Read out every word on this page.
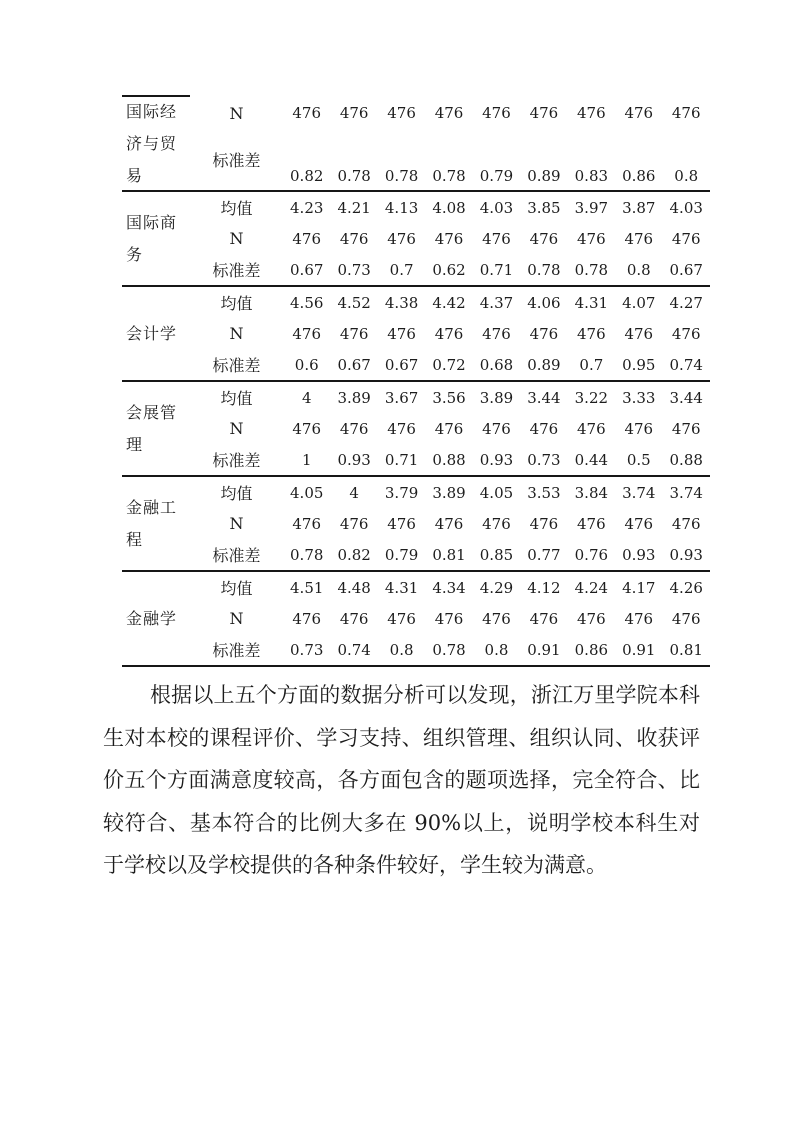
国际经济与贸易
N	476	476	476	476	476	476	476	476	476
标准差
0.82 0.78 0.78 0.78 0.79 0.89 0.83 0.86	0.8
国际商务
均值	4.23 4.21 4.13 4.08 4.03 3.85 3.97 3.87 4.03
N	476	476	476	476	476	476	476	476	476
标准差	0.67 0.73	0.7	0.62 0.71 0.78 0.78	0.8	0.67
会计学
均值	4.56 4.52 4.38 4.42 4.37 4.06 4.31 4.07 4.27
N	476	476	476	476	476	476	476	476	476
标准差	0.6	0.67 0.67 0.72 0.68 0.89	0.7	0.95 0.74
会展管理
均值	4	3.89 3.67 3.56 3.89 3.44 3.22 3.33 3.44
N	476	476	476	476	476	476	476	476	476
标准差	1	0.93 0.71 0.88 0.93 0.73 0.44	0.5	0.88
金融工程
均值	4.05	4	3.79 3.89 4.05 3.53 3.84 3.74 3.74
N	476	476	476	476	476	476	476	476	476
标准差	0.78 0.82 0.79 0.81 0.85 0.77 0.76 0.93 0.93
金融学
均值	4.51 4.48 4.31 4.34 4.29 4.12 4.24 4.17 4.26
N	476	476	476	476	476	476	476	476	476
标准差	0.73 0.74	0.8	0.78	0.8	0.91 0.86 0.91 0.81

根据以上五个方面的数据分析可以发现，浙江万里学院本科生对本校的课程评价、学习支持、组织管理、组织认同、收获评价五个方面满意度较高，各方面包含的题项选择，完全符合、比较符合、基本符合的比例大多在 90%以上，说明学校本科生对于学校以及学校提供的各种条件较好，学生较为满意。
